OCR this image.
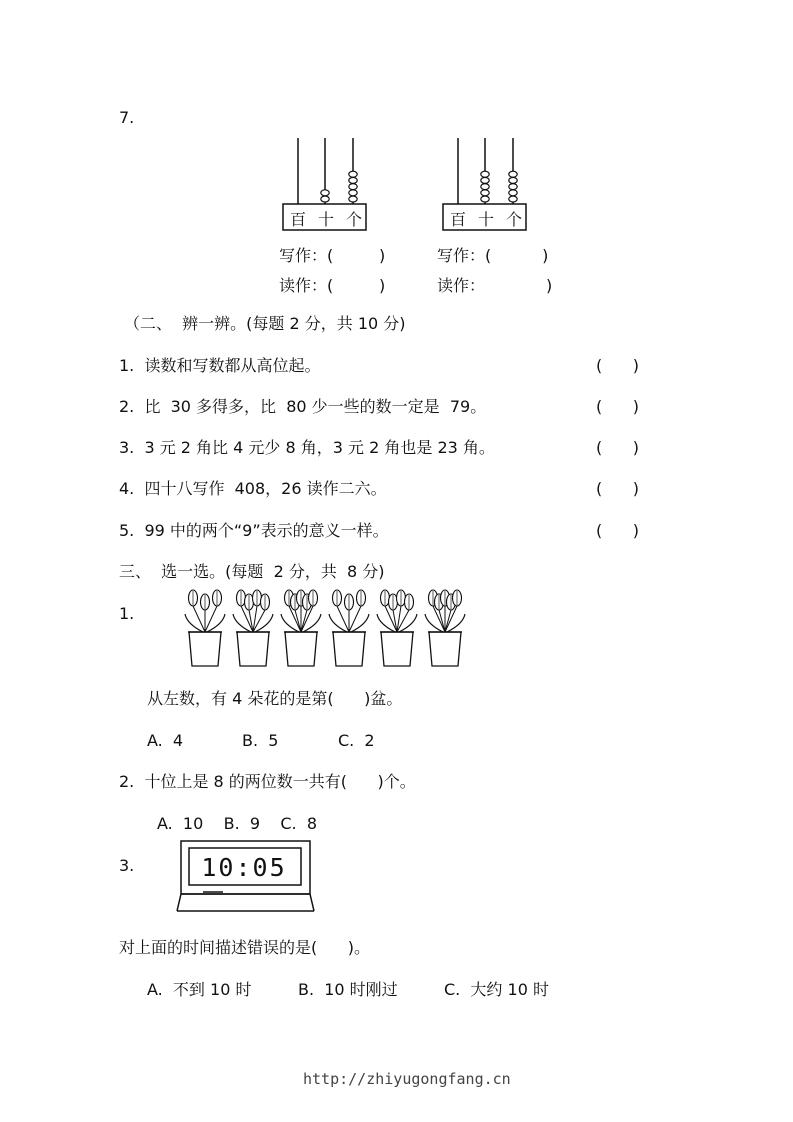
7.
百 十 个	百 十 个
写作：(         )	写作：(          )
读作：(         )	读作：            )
（二、  辨一辨。(每题 2 分，共 10 分)
1.  读数和写数都从高位起。	(      )
2.  比  30 多得多，比  80 少一些的数一定是  79。	(      )
3.  3 元 2 角比 4 元少 8 角，3 元 2 角也是 23 角。	(      )
4.  四十八写作  408，26 读作二六。	(      )
5.  99 中的两个“9”表示的意义一样。	(      )
三、  选一选。(每题  2 分，共  8 分)
1.
从左数，有 4 朵花的是第(      )盆。
A.  4	B.  5	C.  2
2.  十位上是 8 的两位数一共有(      )个。
A.  10    B.  9    C.  8
3.	10:05
对上面的时间描述错误的是(      )。
A.  不到 10 时	B.  10 时刚过	C.  大约 10 时
http://zhiyugongfang.cn
